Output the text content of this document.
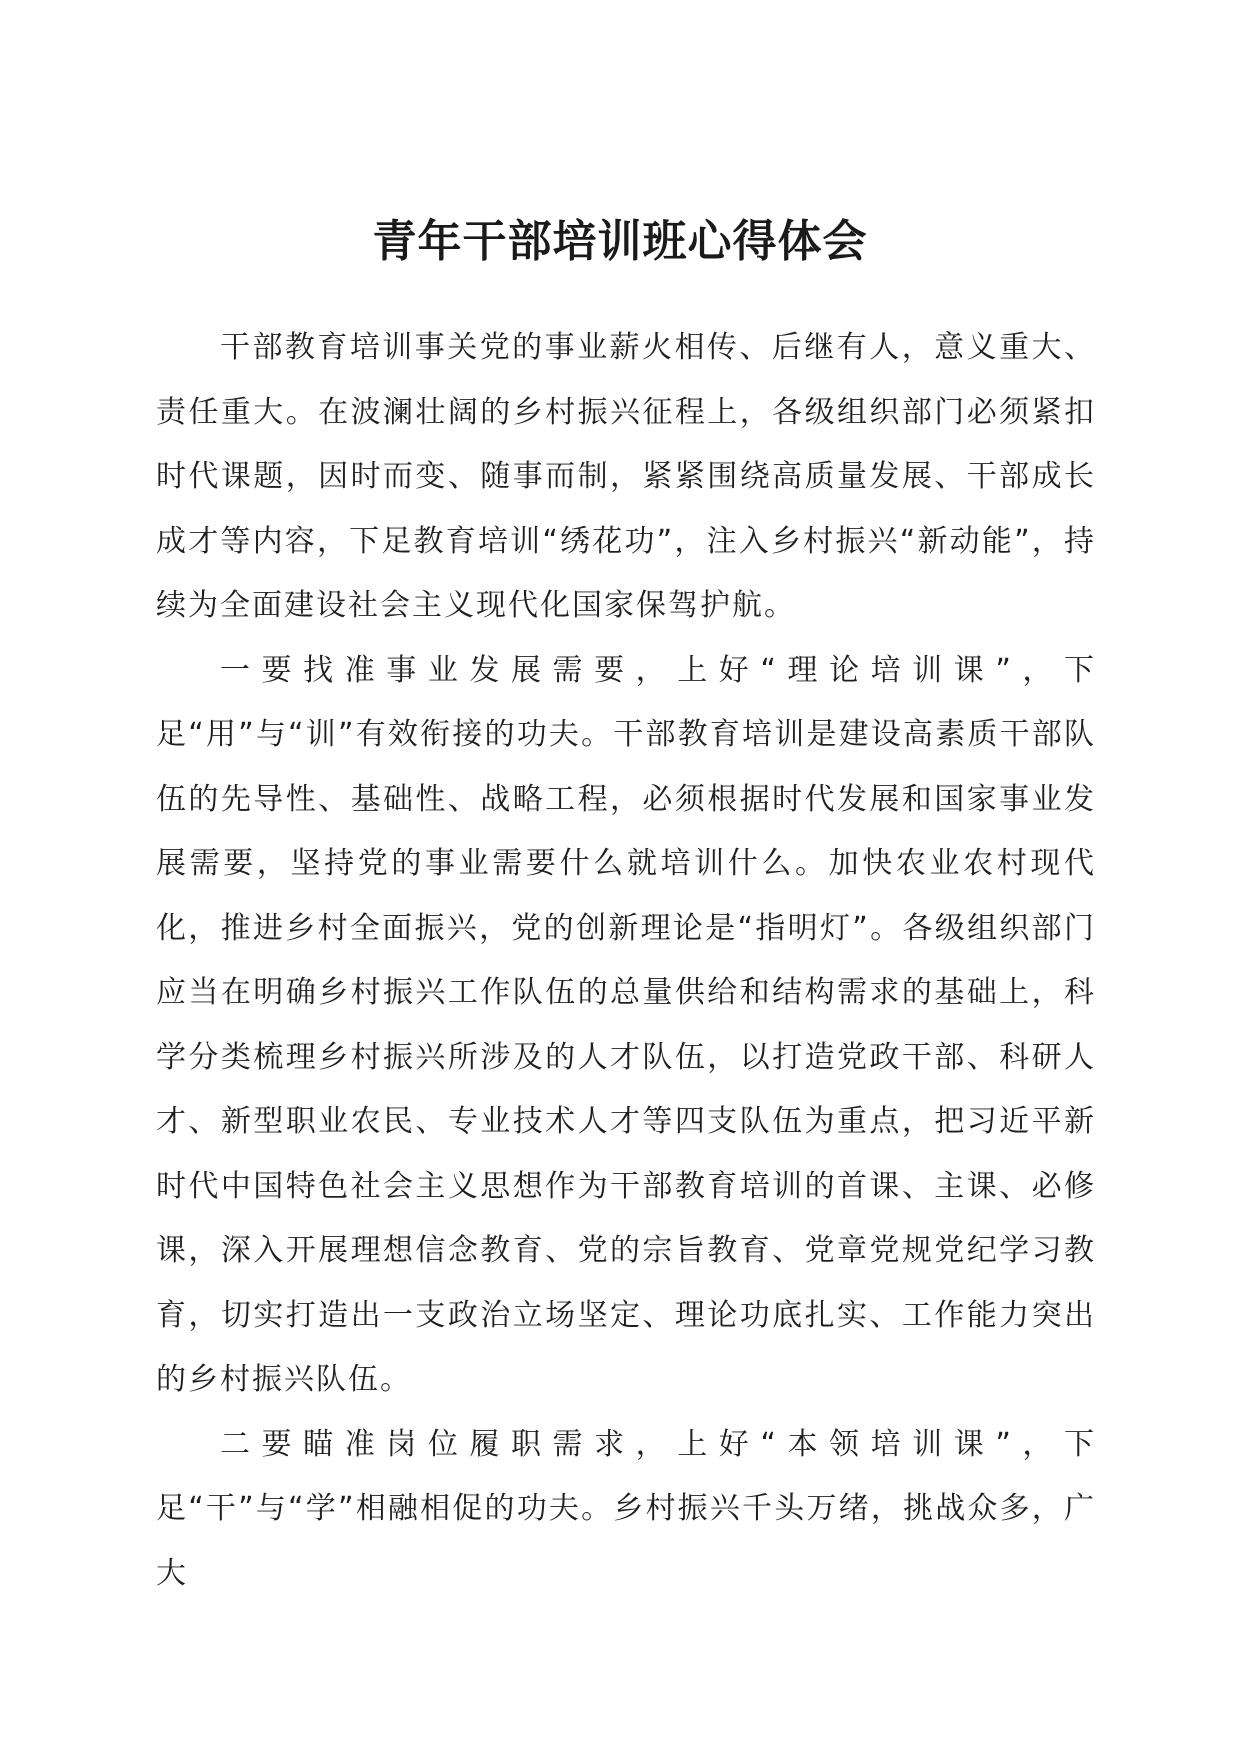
青年干部培训班心得体会

干部教育培训事关党的事业薪火相传、后继有人，意义重大、责任重大。在波澜壮阔的乡村振兴征程上，各级组织部门必须紧扣时代课题，因时而变、随事而制，紧紧围绕高质量发展、干部成长成才等内容，下足教育培训“绣花功”，注入乡村振兴“新动能”，持续为全面建设社会主义现代化国家保驾护航。

一要找准事业发展需要，上好“理论培训课”，下足“用”与“训”有效衔接的功夫。干部教育培训是建设高素质干部队伍的先导性、基础性、战略工程，必须根据时代发展和国家事业发展需要，坚持党的事业需要什么就培训什么。加快农业农村现代化，推进乡村全面振兴，党的创新理论是“指明灯”。各级组织部门应当在明确乡村振兴工作队伍的总量供给和结构需求的基础上，科学分类梳理乡村振兴所涉及的人才队伍，以打造党政干部、科研人才、新型职业农民、专业技术人才等四支队伍为重点，把习近平新时代中国特色社会主义思想作为干部教育培训的首课、主课、必修课，深入开展理想信念教育、党的宗旨教育、党章党规党纪学习教育，切实打造出一支政治立场坚定、理论功底扎实、工作能力突出的乡村振兴队伍。

二要瞄准岗位履职需求，上好“本领培训课”，下足“干”与“学”相融相促的功夫。乡村振兴千头万绪，挑战众多，广大
